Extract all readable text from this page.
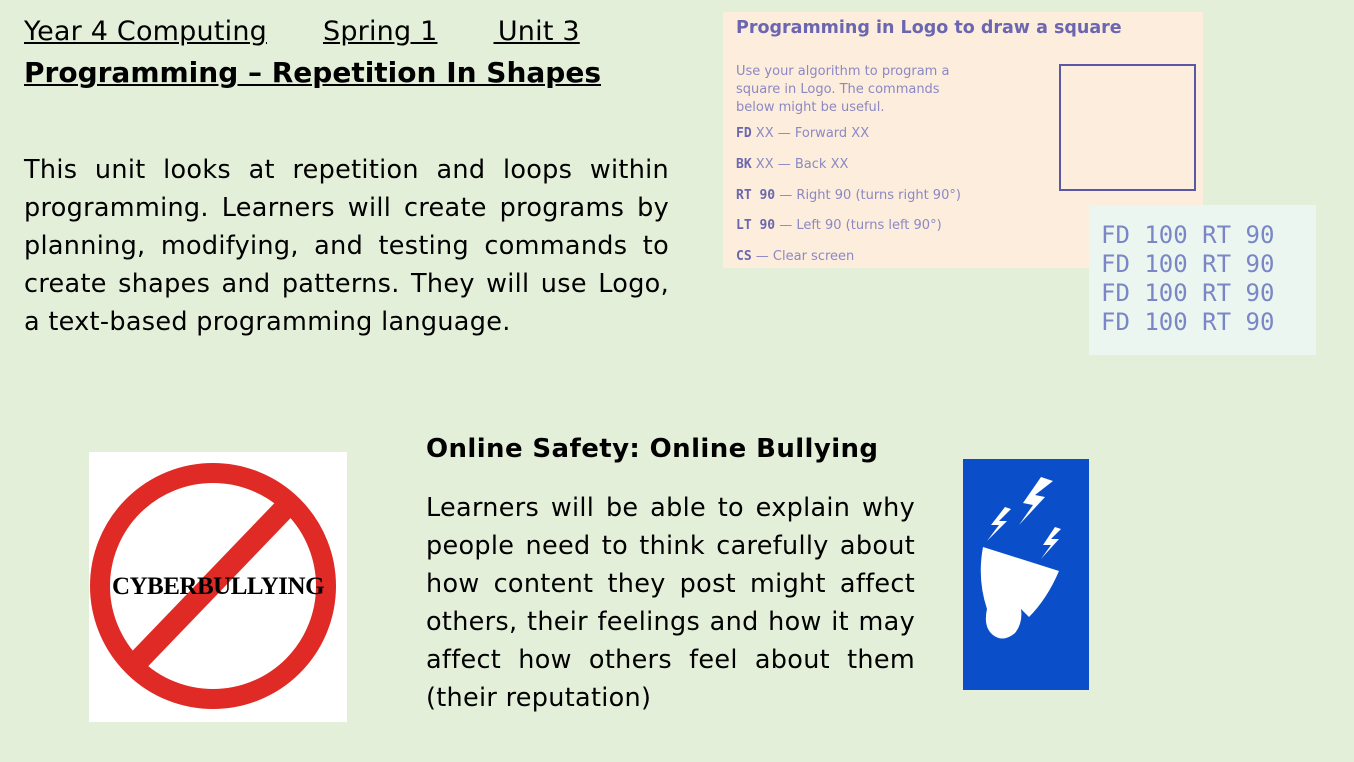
Year 4 Computing Spring 1 Unit 3
Programming – Repetition In Shapes
This unit looks at repetition and loops within programming. Learners will create programs by planning, modifying, and testing commands to create shapes and patterns. They will use Logo, a text-based programming language.
Programming in Logo to draw a square
Use your algorithm to program a square in Logo. The commands below might be useful.
FD XX — Forward XX
BK XX — Back XX
RT 90 — Right 90 (turns right 90°)
LT 90 — Left 90 (turns left 90°)
CS — Clear screen
FD 100 RT 90
FD 100 RT 90
FD 100 RT 90
FD 100 RT 90
CYBERBULLYING
Online Safety: Online Bullying
Learners will be able to explain why people need to think carefully about how content they post might affect others, their feelings and how it may affect how others feel about them (their reputation)
